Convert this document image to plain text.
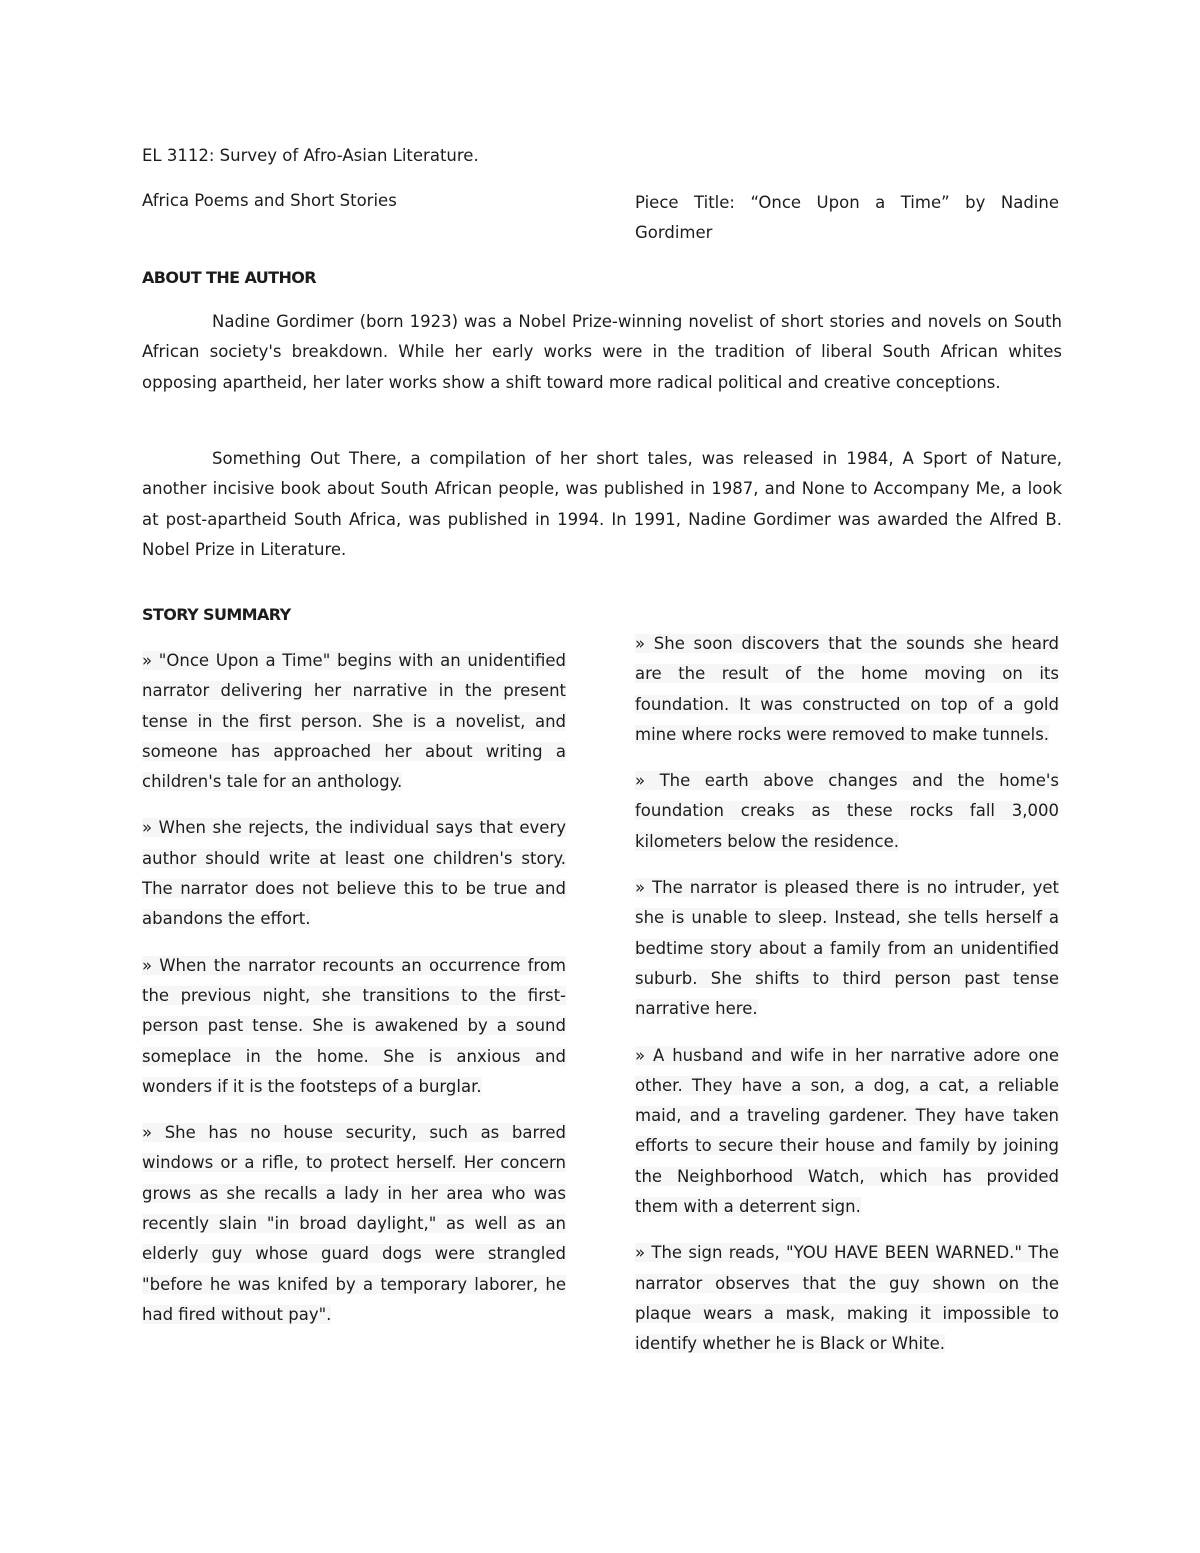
EL 3112: Survey of Afro-Asian Literature.
Africa Poems and Short Stories	Piece Title: “Once Upon a Time” by Nadine Gordimer
ABOUT THE AUTHOR

Nadine Gordimer (born 1923) was a Nobel Prize-winning novelist of short stories and novels on South African society's breakdown. While her early works were in the tradition of liberal South African whites opposing apartheid, her later works show a shift toward more radical political and creative conceptions.

Something Out There, a compilation of her short tales, was released in 1984, A Sport of Nature, another incisive book about South African people, was published in 1987, and None to Accompany Me, a look at post-apartheid South Africa, was published in 1994. In 1991, Nadine Gordimer was awarded the Alfred B. Nobel Prize in Literature.

STORY SUMMARY

» "Once Upon a Time" begins with an unidentified narrator delivering her narrative in the present tense in the first person. She is a novelist, and someone has approached her about writing a children's tale for an anthology.

» When she rejects, the individual says that every author should write at least one children's story. The narrator does not believe this to be true and abandons the effort.

» When the narrator recounts an occurrence from the previous night, she transitions to the first-person past tense. She is awakened by a sound someplace in the home. She is anxious and wonders if it is the footsteps of a burglar.

» She has no house security, such as barred windows or a rifle, to protect herself. Her concern grows as she recalls a lady in her area who was recently slain "in broad daylight," as well as an elderly guy whose guard dogs were strangled "before he was knifed by a temporary laborer, he had fired without pay".

» She soon discovers that the sounds she heard are the result of the home moving on its foundation. It was constructed on top of a gold mine where rocks were removed to make tunnels.

» The earth above changes and the home's foundation creaks as these rocks fall 3,000 kilometers below the residence.

» The narrator is pleased there is no intruder, yet she is unable to sleep. Instead, she tells herself a bedtime story about a family from an unidentified suburb. She shifts to third person past tense narrative here.

» A husband and wife in her narrative adore one other. They have a son, a dog, a cat, a reliable maid, and a traveling gardener. They have taken efforts to secure their house and family by joining the Neighborhood Watch, which has provided them with a deterrent sign.

» The sign reads, "YOU HAVE BEEN WARNED." The narrator observes that the guy shown on the plaque wears a mask, making it impossible to identify whether he is Black or White.
